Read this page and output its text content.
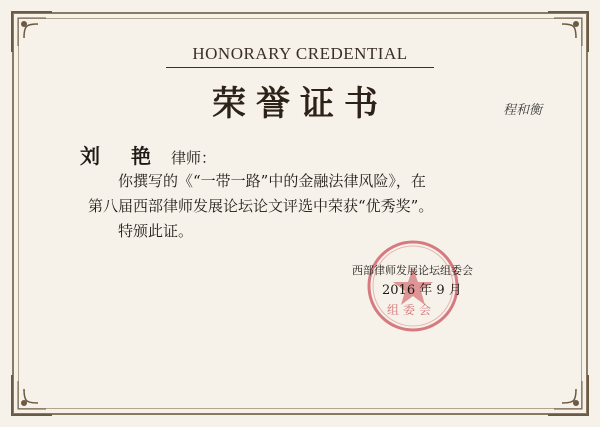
HONORARY CREDENTIAL
荣誉证书	程和衡
刘 艳 律师：
你撰写的《“一带一路”中的金融法律风险》，在
第八届西部律师发展论坛论文评选中荣获“优秀奖”。
特颁此证。
西部律师发展论坛组委会
2016 年 9 月
组委会
